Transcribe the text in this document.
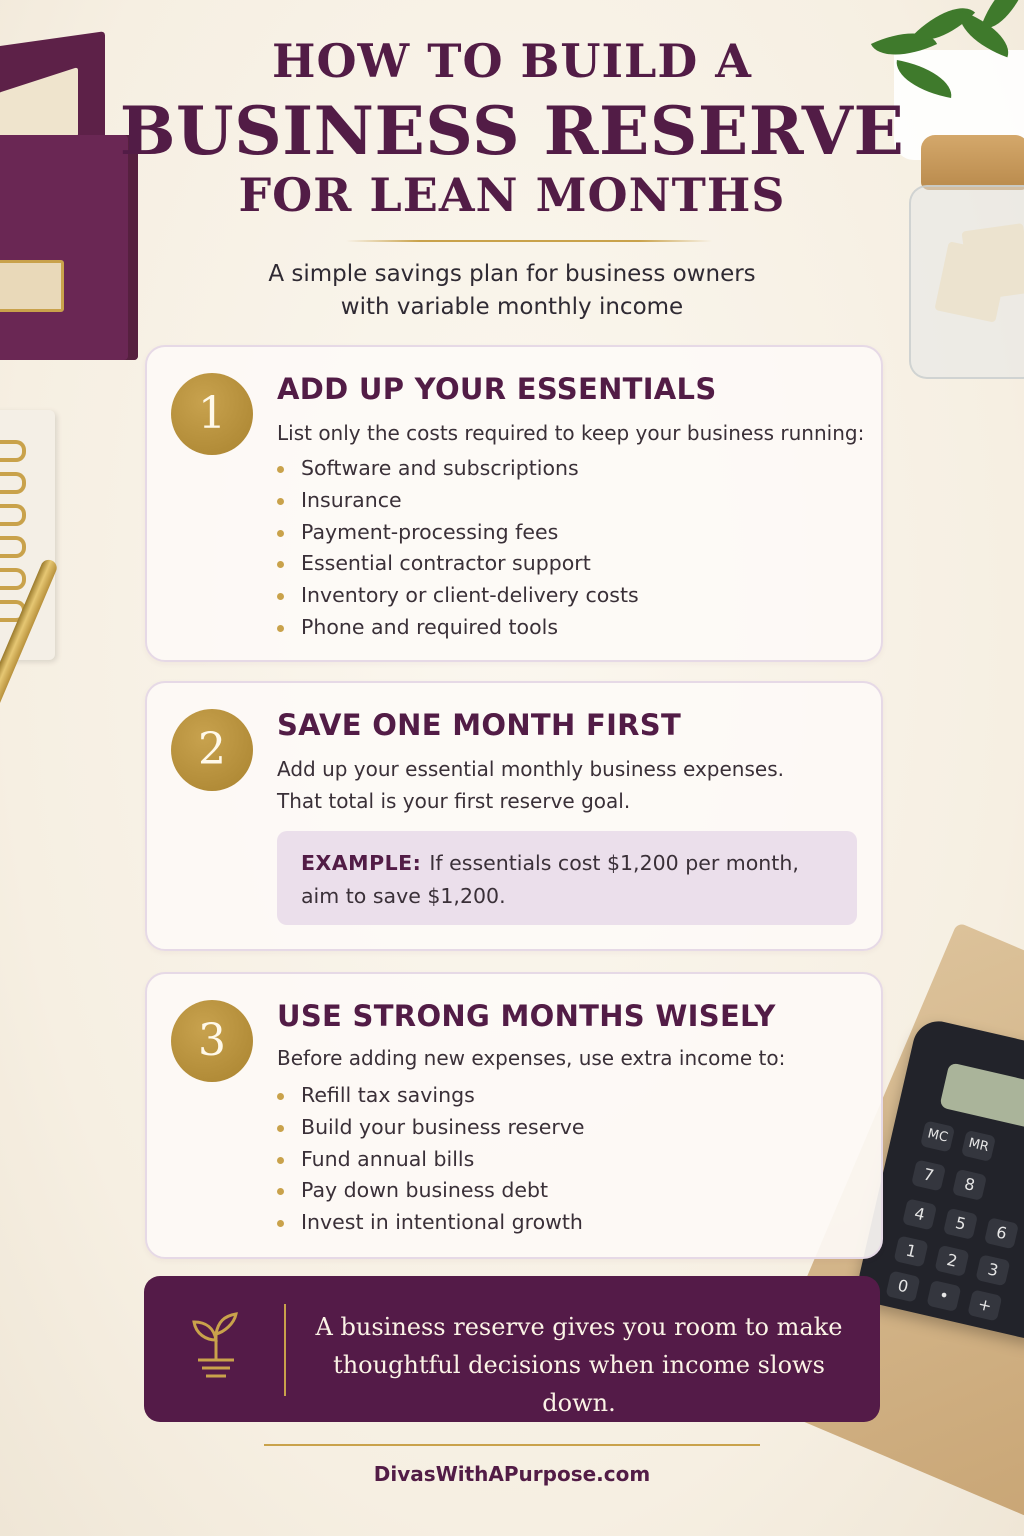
MC	MR
7	8
4	5	6
1	2	3
0	•	+
HOW TO BUILD A
BUSINESS RESERVE
FOR LEAN MONTHS
A simple savings plan for business owners
with variable monthly income
1	ADD UP YOUR ESSENTIALS
List only the costs required to keep your business running:
Software and subscriptions
Insurance
Payment-processing fees
Essential contractor support
Inventory or client-delivery costs
Phone and required tools
2	SAVE ONE MONTH FIRST
Add up your essential monthly business expenses.
That total is your first reserve goal.
EXAMPLE: If essentials cost $1,200 per month,
aim to save $1,200.
3	USE STRONG MONTHS WISELY
Before adding new expenses, use extra income to:
Refill tax savings
Build your business reserve
Fund annual bills
Pay down business debt
Invest in intentional growth
A business reserve gives you room to make
thoughtful decisions when income slows down.
DivasWithAPurpose.com
